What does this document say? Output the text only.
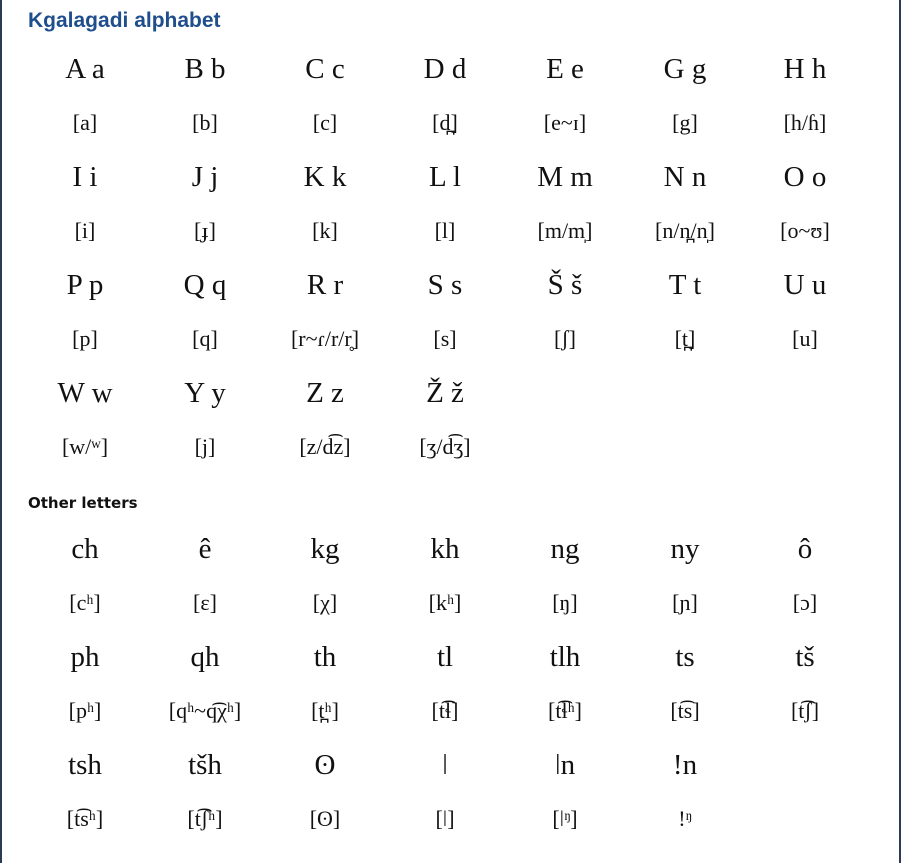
Kgalagadi alphabet
A a	B b	C c	D d	E e	G g	H h
[a]	[b]	[c]	[d̪]	[e~ɪ]	[g]	[h/ɦ]
I i	J j	K k	L l	M m	N n	O o
[i]	[ɟ]	[k]	[l]	[m/m̩]	[n/n̪/n̩]	[o~ʊ]
P p	Q q	R r	S s	Š š	T t	U u
[p]	[q]	[r~ɾ/r/r̥]	[s]	[ʃ]	[t̪]	[u]
W w	Y y	Z z	Ž ž
[w/ʷ]	[j]	[z/d͡z]	[ʒ/d͡ʒ]
Other letters
ch	ê	kg	kh	ng	ny	ô
[cʰ]	[ɛ]	[χ]	[kʰ]	[ŋ]	[ɲ]	[ɔ]
ph	qh	th	tl	tlh	ts	tš
[pʰ]	[qʰ~q͡χʰ]	[t̪ʰ]	[t͡ɬ]	[t͡ɬʰ]	[t͡s]	[t͡ʃ]
tsh	tšh	ʘ	ǀ	ǀn	!n
[t͡sʰ]	[t͡ʃʰ]	[ʘ]	[ǀ]	[ǀᵑ]	!ᵑ
